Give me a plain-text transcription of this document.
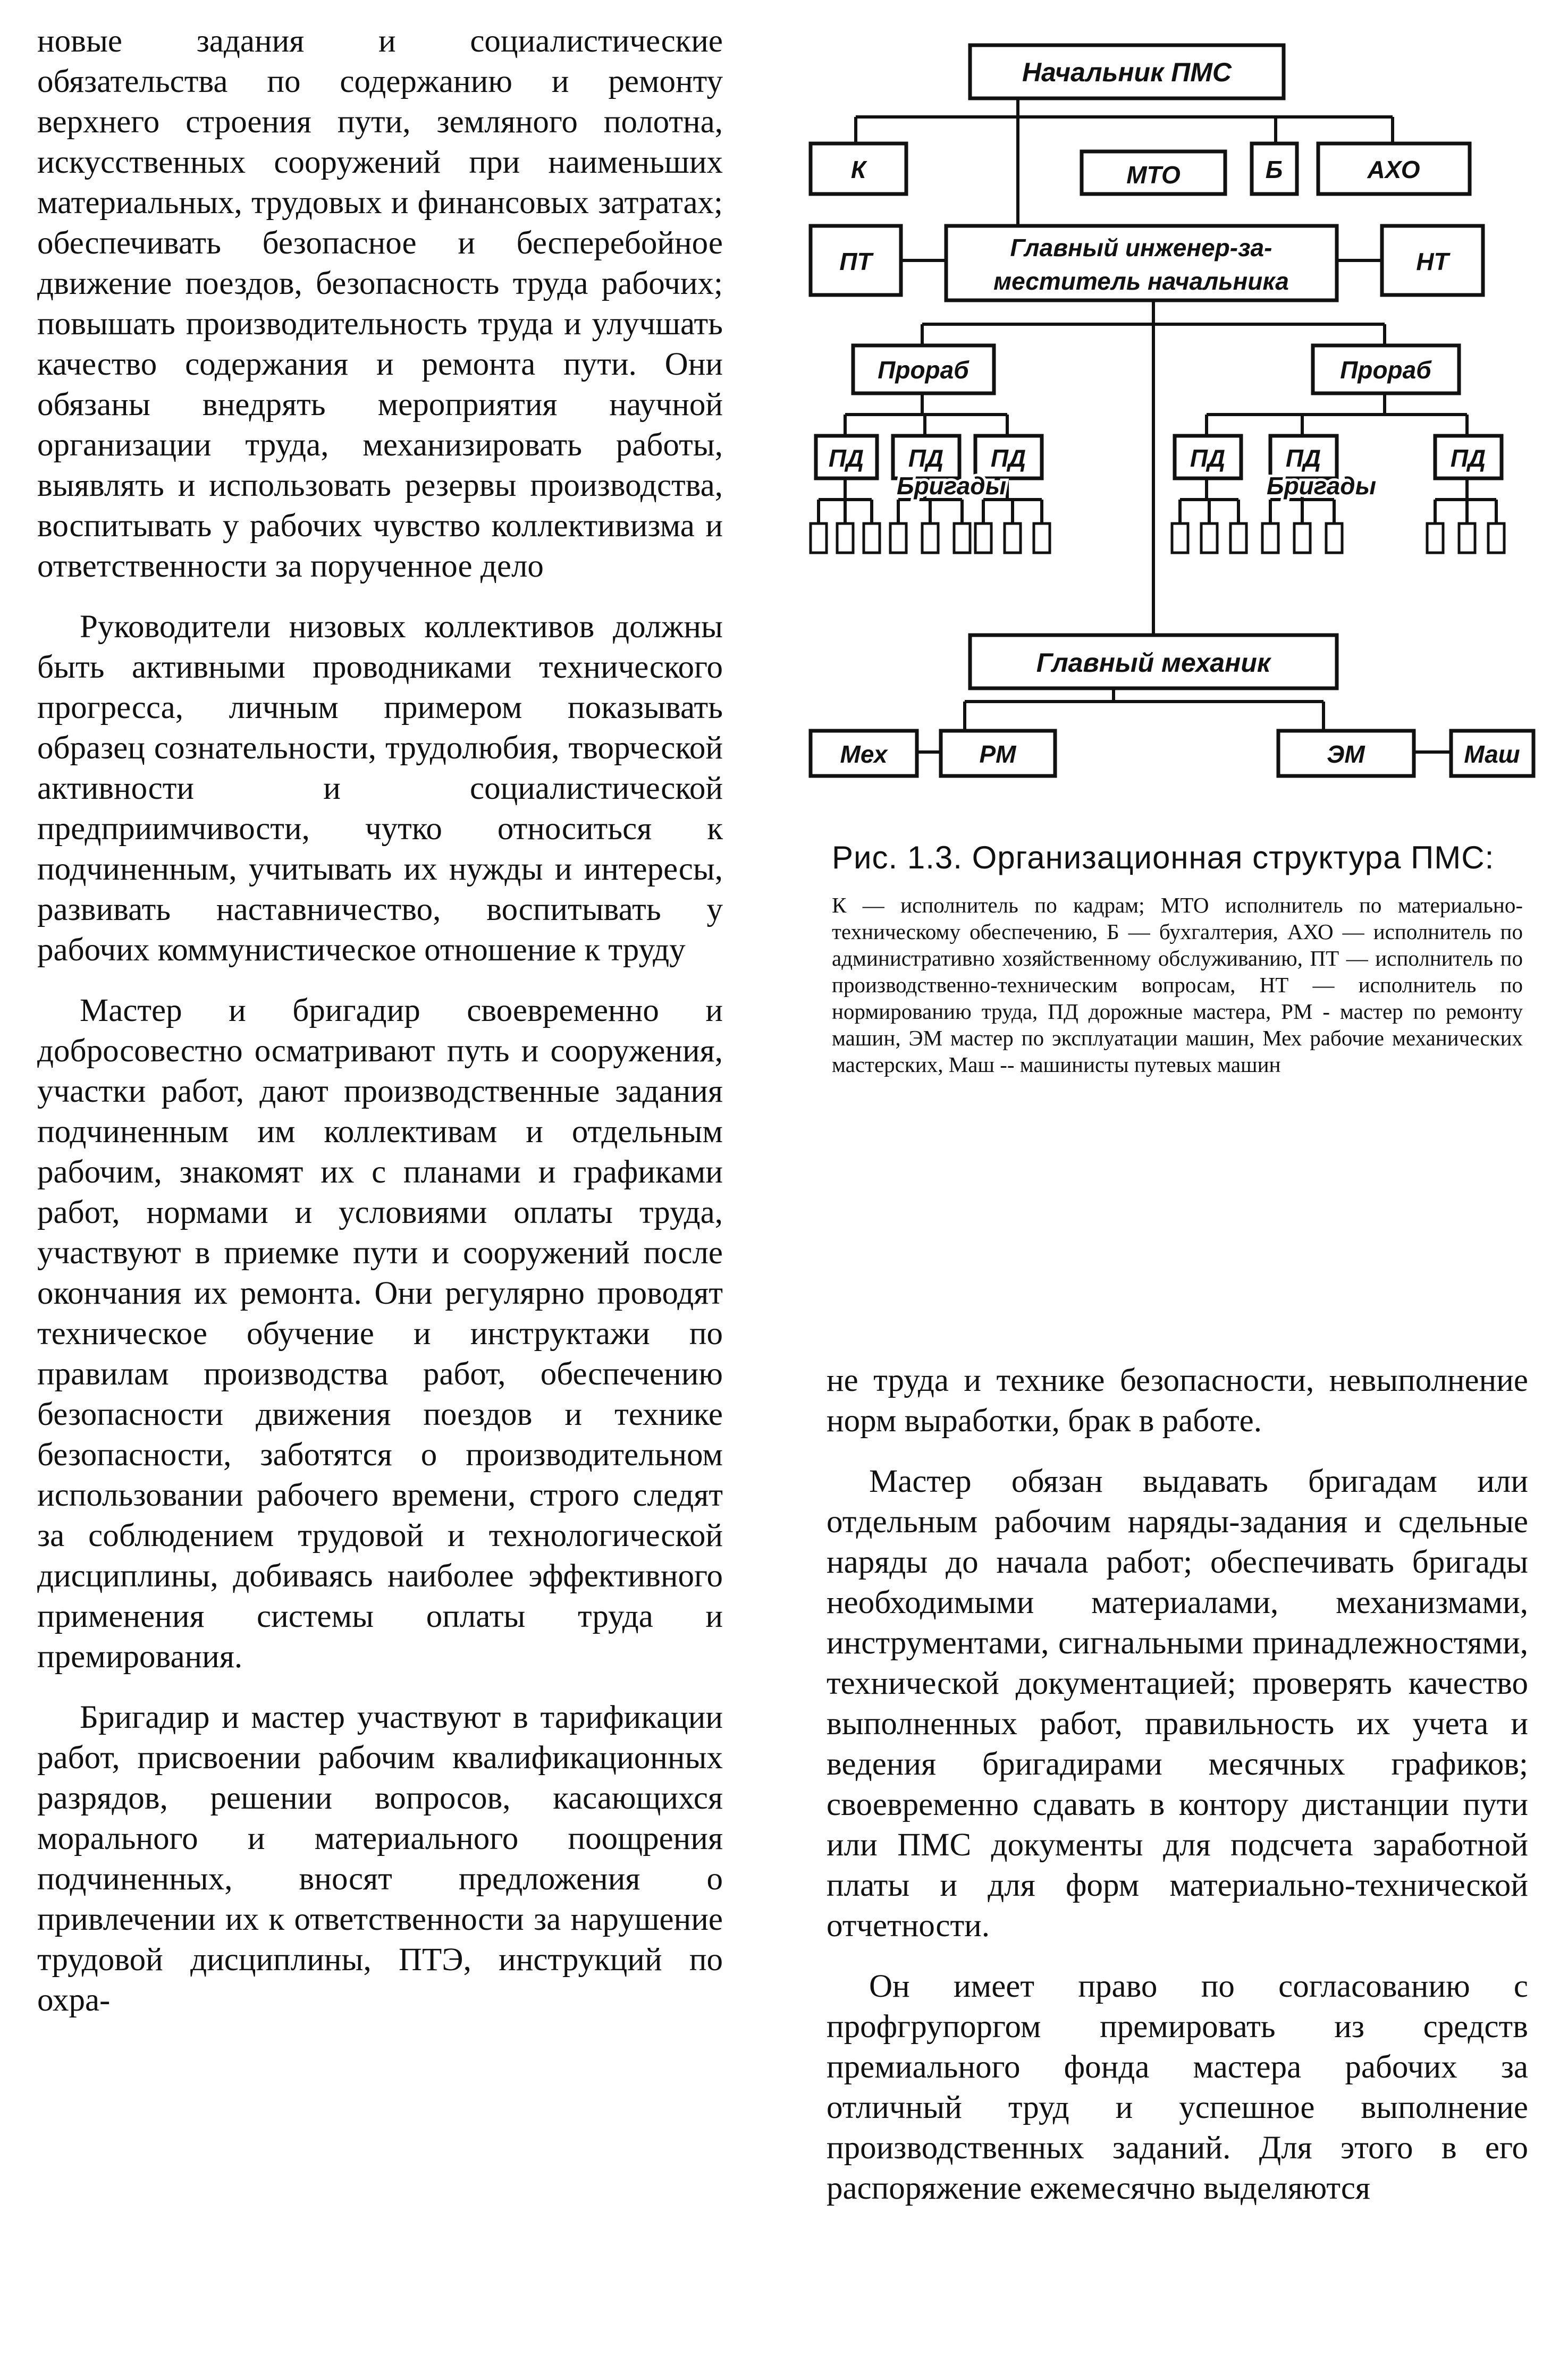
новые задания и социалистические обязательства по содержанию и ремонту верхнего строения пути, земляного полотна, искусственных сооружений при наименьших материальных, трудовых и финансовых затратах; обеспечивать безопасное и бесперебойное движение поездов, безопасность труда рабочих; повышать производительность труда и улучшать качество содержания и ремонта пути. Они обязаны внедрять мероприятия научной организации труда, механизировать работы, выявлять и использовать резервы производства, воспитывать у рабочих чувство коллективизма и ответственности за порученное дело

Руководители низовых коллективов должны быть активными проводниками технического прогресса, личным примером показывать образец сознательности, трудолюбия, творческой активности и социалистической предприимчивости, чутко относиться к подчиненным, учитывать их нужды и интересы, развивать наставничество, воспитывать у рабочих коммунистическое отношение к труду

Мастер и бригадир своевременно и добросовестно осматривают путь и сооружения, участки работ, дают производственные задания подчиненным им коллективам и отдельным рабочим, знакомят их с планами и графиками работ, нормами и условиями оплаты труда, участвуют в приемке пути и сооружений после окончания их ремонта. Они регулярно проводят техническое обучение и инструктажи по правилам производства работ, обеспечению безопасности движения поездов и технике безопасности, заботятся о производительном использовании рабочего времени, строго следят за соблюдением трудовой и технологической дисциплины, добиваясь наиболее эффективного применения системы оплаты труда и премирования.

Бригадир и мастер участвуют в тарификации работ, присвоении рабочим квалификационных разрядов, решении вопросов, касающихся морального и материального поощрения подчиненных, вносят предложения о привлечении их к ответственности за нарушение трудовой дисциплины, ПТЭ, инструкций по охра-

Начальник ПМС
К	МТО	Б	АХО
ПТ	Главный инженер-за-
меститель начальника
НТ
Прораб	Прораб
ПД ПД ПД	ПД ПД	ПД
Бригады	Бригады
Главный механик
Мех	РМ	ЭМ	Маш

Рис. 1.3. Организационная структура ПМС:

К — исполнитель по кадрам; МТО исполнитель по материально-техническому обеспечению, Б — бухгалтерия, АХО — исполнитель по административно хозяйственному обслуживанию, ПТ — исполнитель по производственно-техническим вопросам, НТ — исполнитель по нормированию труда, ПД дорожные мастера, РМ - мастер по ремонту машин, ЭМ мастер по эксплуатации машин, Мех рабочие механических мастерских, Маш -- машинисты путевых машин

не труда и технике безопасности, невыполнение норм выработки, брак в работе.

Мастер обязан выдавать бригадам или отдельным рабочим наряды-задания и сдельные наряды до начала работ; обеспечивать бригады необходимыми материалами, механизмами, инструментами, сигнальными принадлежностями, технической документацией; проверять качество выполненных работ, правильность их учета и ведения бригадирами месячных графиков; своевременно сдавать в контору дистанции пути или ПМС документы для подсчета заработной платы и для форм материально-технической отчетности.

Он имеет право по согласованию с профгрупоргом премировать из средств премиального фонда мастера рабочих за отличный труд и успешное выполнение производственных заданий. Для этого в его распоряжение ежемесячно выделяются
